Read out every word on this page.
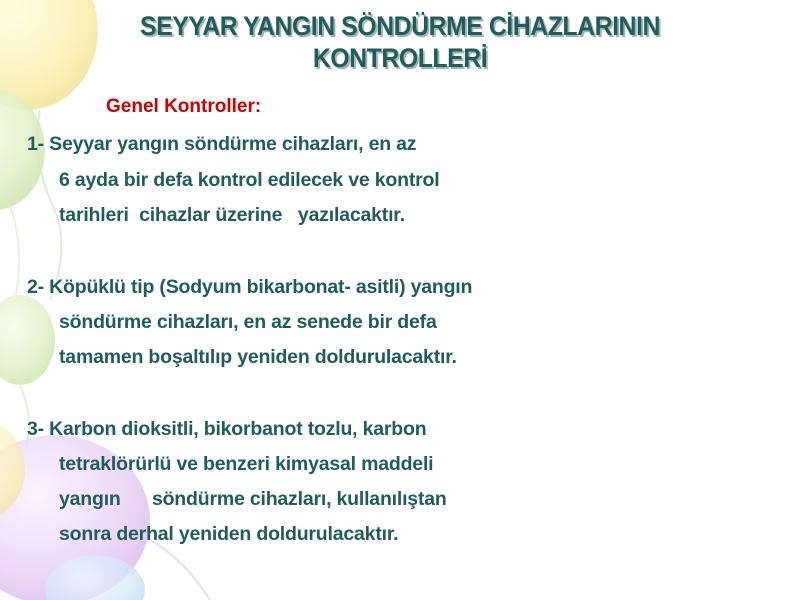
SEYYAR YANGIN SÖNDÜRME CİHAZLARININ
KONTROLLERİ
Genel Kontroller:
1- Seyyar yangın söndürme cihazları, en az
6 ayda bir defa kontrol edilecek ve kontrol
tarihleri  cihazlar üzerine   yazılacaktır.
2- Köpüklü tip (Sodyum bikarbonat- asitli) yangın
söndürme cihazları, en az senede bir defa
tamamen boşaltılıp yeniden doldurulacaktır.
3- Karbon dioksitli, bikorbanot tozlu, karbon
tetraklörürlü ve benzeri kimyasal maddeli
yangın      söndürme cihazları, kullanılıştan
sonra derhal yeniden doldurulacaktır.
